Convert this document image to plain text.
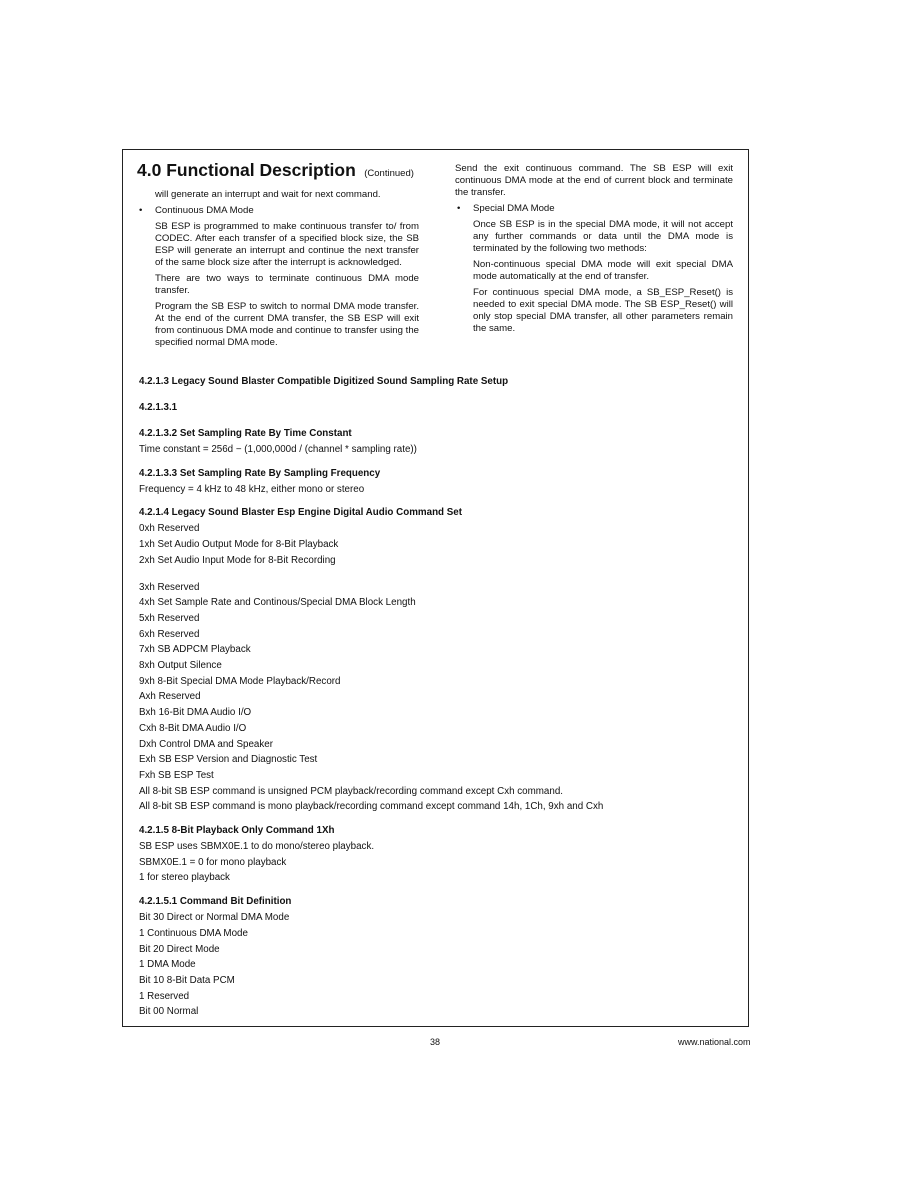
4.0 Functional Description (Continued)

will generate an interrupt and wait for next command.

• Continuous DMA Mode

SB ESP is programmed to make continuous transfer to/ from CODEC. After each transfer of a specified block size, the SB ESP will generate an interrupt and continue the next transfer of the same block size after the interrupt is acknowledged.

There are two ways to terminate continuous DMA mode transfer.

Program the SB ESP to switch to normal DMA mode transfer. At the end of the current DMA transfer, the SB ESP will exit from continuous DMA mode and continue to transfer using the specified normal DMA mode.

Send the exit continuous command. The SB ESP will exit continuous DMA mode at the end of current block and terminate the transfer.

• Special DMA Mode

Once SB ESP is in the special DMA mode, it will not accept any further commands or data until the DMA mode is terminated by the following two methods:

Non-continuous special DMA mode will exit special DMA mode automatically at the end of transfer.

For continuous special DMA mode, a SB_ESP_Reset() is needed to exit special DMA mode. The SB ESP_Reset() will only stop special DMA transfer, all other parameters remain the same.

4.2.1.3 Legacy Sound Blaster Compatible Digitized Sound Sampling Rate Setup

4.2.1.3.1

4.2.1.3.2 Set Sampling Rate By Time Constant

Time constant = 256d − (1,000,000d / (channel * sampling rate))

4.2.1.3.3 Set Sampling Rate By Sampling Frequency

Frequency = 4 kHz to 48 kHz, either mono or stereo

4.2.1.4 Legacy Sound Blaster Esp Engine Digital Audio Command Set

0xh Reserved

1xh Set Audio Output Mode for 8-Bit Playback

2xh Set Audio Input Mode for 8-Bit Recording

3xh Reserved

4xh Set Sample Rate and Continous/Special DMA Block Length

5xh Reserved

6xh Reserved

7xh SB ADPCM Playback

8xh Output Silence

9xh 8-Bit Special DMA Mode Playback/Record

Axh Reserved

Bxh 16-Bit DMA Audio I/O

Cxh 8-Bit DMA Audio I/O

Dxh Control DMA and Speaker

Exh SB ESP Version and Diagnostic Test

Fxh SB ESP Test

All 8-bit SB ESP command is unsigned PCM playback/recording command except Cxh command.

All 8-bit SB ESP command is mono playback/recording command except command 14h, 1Ch, 9xh and Cxh

4.2.1.5 8-Bit Playback Only Command 1Xh

SB ESP uses SBMX0E.1 to do mono/stereo playback.

SBMX0E.1 = 0 for mono playback

1 for stereo playback

4.2.1.5.1 Command Bit Definition

Bit 30 Direct or Normal DMA Mode

1 Continuous DMA Mode

Bit 20 Direct Mode

1 DMA Mode

Bit 10 8-Bit Data PCM

1 Reserved

Bit 00 Normal

38	www.national.com
